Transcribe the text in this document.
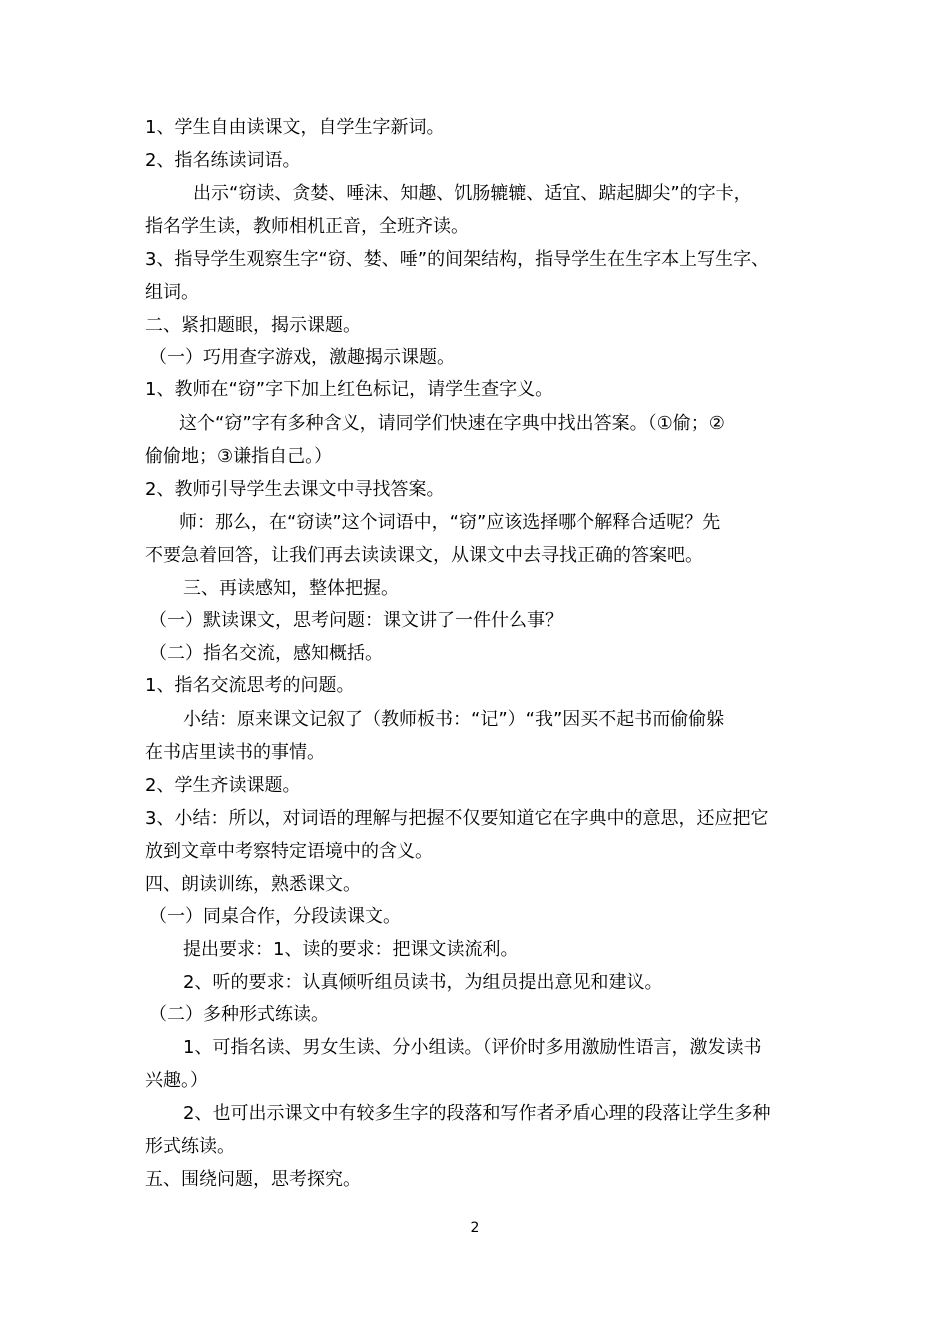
1、学生自由读课文，自学生字新词。
2、指名练读词语。
出示“窃读、贪婪、唾沫、知趣、饥肠辘辘、适宜、踮起脚尖”的字卡，
指名学生读，教师相机正音，全班齐读。
3、指导学生观察生字“窃、婪、唾”的间架结构，指导学生在生字本上写生字、
组词。
二、紧扣题眼，揭示课题。
（一）巧用查字游戏，激趣揭示课题。
1、教师在“窃”字下加上红色标记，请学生查字义。
这个“窃”字有多种含义，请同学们快速在字典中找出答案。（①偷；②
偷偷地；③谦指自己。）
2、教师引导学生去课文中寻找答案。
师：那么，在“窃读”这个词语中，“窃”应该选择哪个解释合适呢？先
不要急着回答，让我们再去读读课文，从课文中去寻找正确的答案吧。
三、再读感知，整体把握。
（一）默读课文，思考问题：课文讲了一件什么事？
（二）指名交流，感知概括。
1、指名交流思考的问题。
小结：原来课文记叙了（教师板书：“记”）“我”因买不起书而偷偷躲
在书店里读书的事情。
2、学生齐读课题。
3、小结：所以，对词语的理解与把握不仅要知道它在字典中的意思，还应把它
放到文章中考察特定语境中的含义。
四、朗读训练，熟悉课文。
（一）同桌合作，分段读课文。
提出要求：1、读的要求：把课文读流利。
2、听的要求：认真倾听组员读书，为组员提出意见和建议。
（二）多种形式练读。
1、可指名读、男女生读、分小组读。（评价时多用激励性语言，激发读书
兴趣。）
2、也可出示课文中有较多生字的段落和写作者矛盾心理的段落让学生多种
形式练读。
五、围绕问题，思考探究。
2
